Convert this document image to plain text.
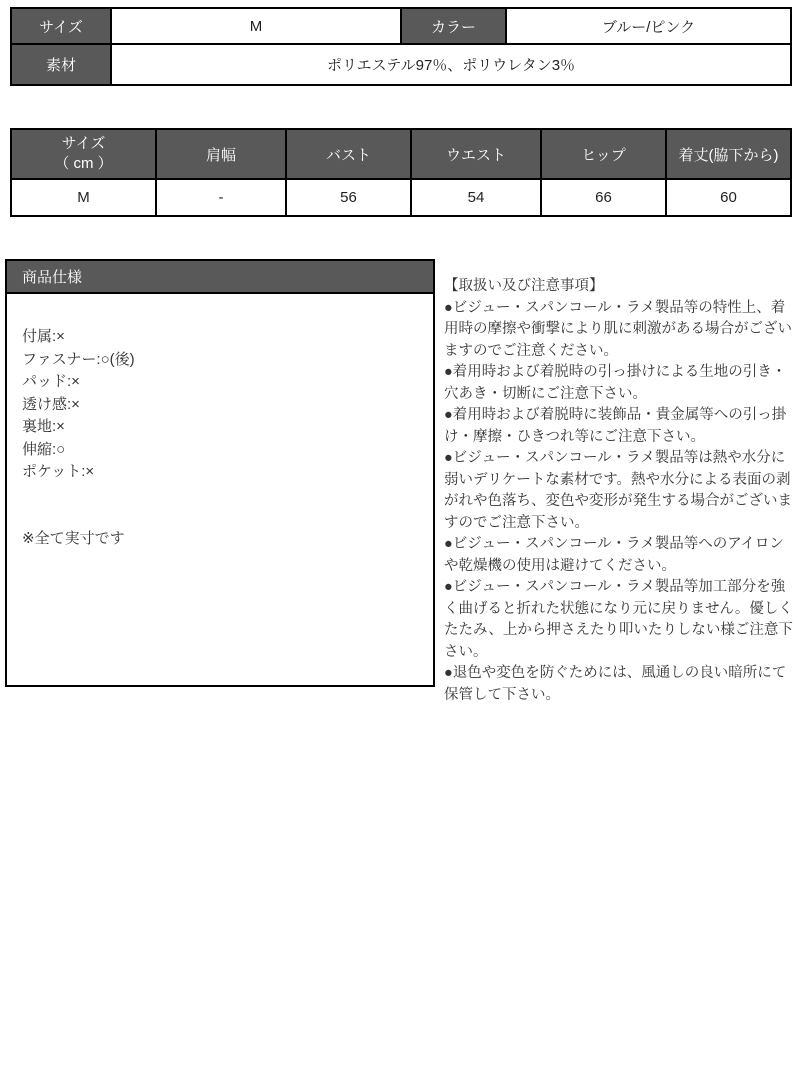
サイズ	M	カラー	ブルー/ピンク
素材	ポリエステル97％、ポリウレタン3％		
サイズ
（ cm ）	肩幅	バスト	ウエスト	ヒップ	着丈(脇下から)
M	-	56	54	66	60
商品仕様
付属:×
ファスナー:○(後)
パッド:×
透け感:×
裏地:×
伸縮:○
ポケット:×
※全て実寸です
【取扱い及び注意事項】

●ビジュー・スパンコール・ラメ製品等の特性上、着用時の摩擦や衝撃により肌に刺激がある場合がございますのでご注意ください。

●着用時および着脱時の引っ掛けによる生地の引き・穴あき・切断にご注意下さい。

●着用時および着脱時に装飾品・貴金属等への引っ掛け・摩擦・ひきつれ等にご注意下さい。

●ビジュー・スパンコール・ラメ製品等は熱や水分に弱いデリケートな素材です。熱や水分による表面の剥がれや色落ち、変色や変形が発生する場合がございますのでご注意下さい。

●ビジュー・スパンコール・ラメ製品等へのアイロンや乾燥機の使用は避けてください。

●ビジュー・スパンコール・ラメ製品等加工部分を強く曲げると折れた状態になり元に戻りません。優しくたたみ、上から押さえたり叩いたりしない様ご注意下さい。

●退色や変色を防ぐためには、風通しの良い暗所にて保管して下さい。
